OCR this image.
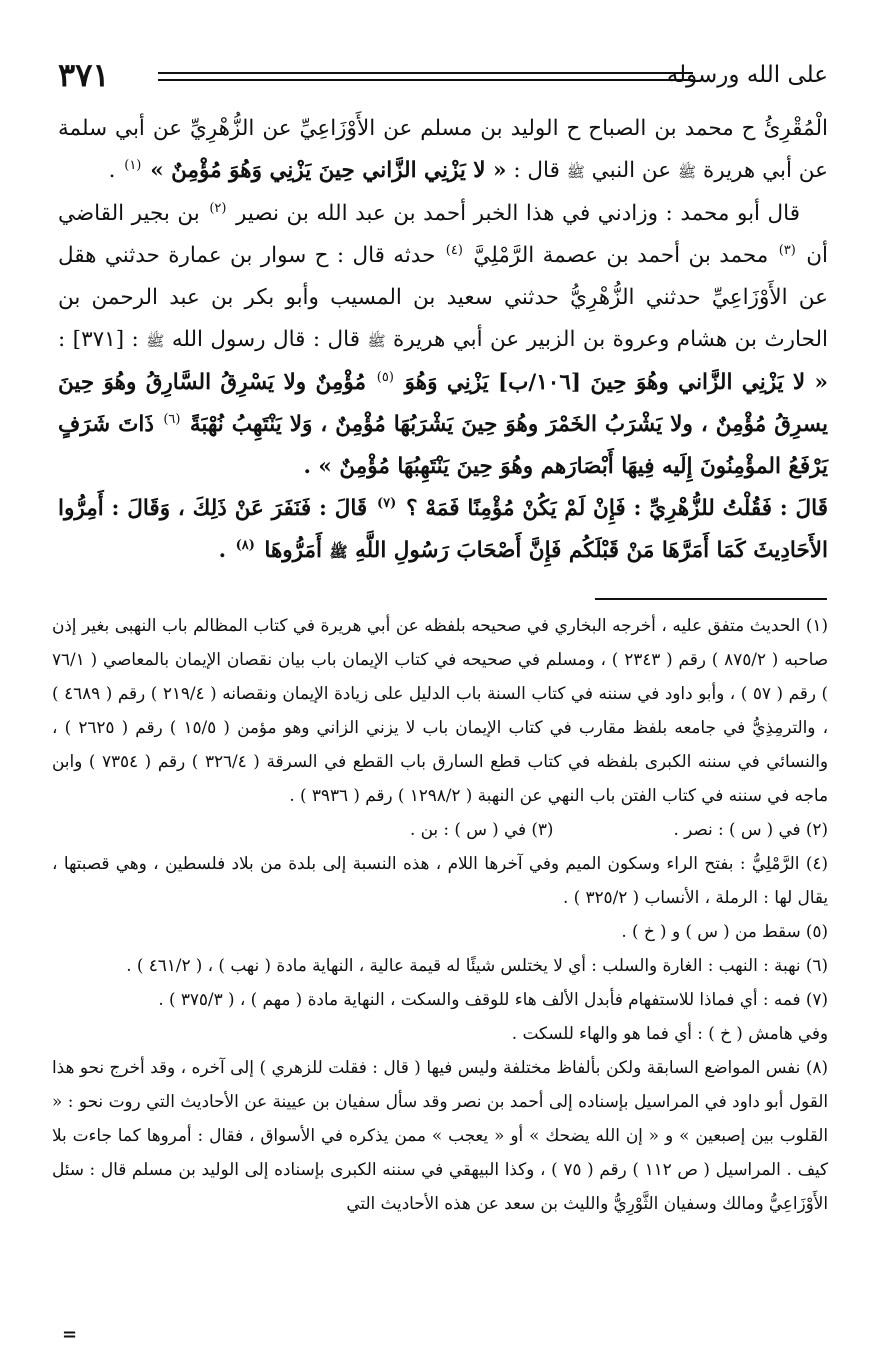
على الله ورسوله
٣٧١

الْمُقْرِئُ ح محمد بن الصباح ح الوليد بن مسلم عن الأَوْزَاعِيِّ عن الزُّهْرِيِّ عن أبي سلمة عن أبي هريرة ﷺ عن النبي ﷺ قال : « لا يَزْنِي الزَّاني حِينَ يَزْنِي وَهُوَ مُؤْمِنٌ » $^{(١)}$ .

قال أبو محمد : وزادني في هذا الخبر أحمد بن عبد الله بن نصير $^{(٢)}$ بن بجير القاضي أن $^{(٣)}$ محمد بن أحمد بن عصمة الرَّمْلِيَّ $^{(٤)}$ حدثه قال : ح سوار بن عمارة حدثني هقل عن الأَوْزَاعِيِّ حدثني الزُّهْرِيُّ حدثني سعيد بن المسيب وأبو بكر بن عبد الرحمن بن الحارث بن هشام وعروة بن الزبير عن أبي هريرة ﷺ قال : قال رسول الله ﷺ : [٣٧١] : « لا يَزْنِي الزَّاني وهُوَ حِينَ [١٠٦/ب] يَزْنِي وَهُوَ $^{(٥)}$ مُؤْمِنٌ ولا يَسْرِقُ السَّارِقُ وهُوَ حِينَ يسرِقُ مُؤْمِنٌ ، ولا يَشْرَبُ الخَمْرَ وهُوَ حِينَ يَشْرَبُهَا مُؤْمِنٌ ، وَلا يَنْتَهِبُ نُهْبَةً $^{(٦)}$ ذَاتَ شَرَفٍ يَرْفَعُ المؤْمِنُونَ إِلَيه فِيهَا أَبْصَارَهم وهُوَ حِينَ يَنْتَهِبُهَا مُؤْمِنٌ » .

قَالَ : فَقُلْتُ للزُّهْرِيِّ : فَإِنْ لَمْ يَكُنْ مُؤْمِنًا فَمَهْ ؟ $^{(٧)}$ قَالَ : فَنَفَرَ عَنْ ذَلِكَ ، وَقَالَ : أَمِرُّوا الأَحَادِيثَ كَمَا أَمَرَّهَا مَنْ قَبْلَكُم فَإِنَّ أَصْحَابَ رَسُولِ اللَّهِ ﷺ أَمَرُّوهَا $^{(٨)}$ .

(١) الحديث متفق عليه ، أخرجه البخاري في صحيحه بلفظه عن أبي هريرة في كتاب المظالم باب النهبى بغير إذن صاحبه ( ٨٧٥/٢ ) رقم ( ٢٣٤٣ ) ، ومسلم في صحيحه في كتاب الإيمان باب بيان نقصان الإيمان بالمعاصي ( ٧٦/١ ) رقم ( ٥٧ ) ، وأبو داود في سننه في كتاب السنة باب الدليل على زيادة الإيمان ونقصانه ( ٢١٩/٤ ) رقم ( ٤٦٨٩ ) ، والترمِذِيُّ في جامعه بلفظ مقارب في كتاب الإيمان باب لا يزني الزاني وهو مؤمن ( ١٥/٥ ) رقم ( ٢٦٢٥ ) ، والنسائي في سننه الكبرى بلفظه في كتاب قطع السارق باب القطع في السرقة ( ٣٢٦/٤ ) رقم ( ٧٣٥٤ ) وابن ماجه في سننه في كتاب الفتن باب النهي عن النهبة ( ١٢٩٨/٢ ) رقم ( ٣٩٣٦ ) .

(٢) في ( س ) : نصر .
(٣) في ( س ) : بن .

(٤) الرَّمْلِيُّ : بفتح الراء وسكون الميم وفي آخرها اللام ، هذه النسبة إلى بلدة من بلاد فلسطين ، وهي قصبتها ، يقال لها : الرملة ، الأنساب ( ٣٢٥/٢ ) .

(٥) سقط من ( س ) و ( خ ) .

(٦) نهبة : النهب : الغارة والسلب : أي لا يختلس شيئًا له قيمة عالية ، النهاية مادة ( نهب ) ، ( ٤٦١/٢ ) .

(٧) فمه : أي فماذا للاستفهام فأبدل الألف هاء للوقف والسكت ، النهاية مادة ( مهم ) ، ( ٣٧٥/٣ ) .

وفي هامش ( خ ) : أي فما هو والهاء للسكت .

(٨) نفس المواضع السابقة ولكن بألفاظ مختلفة وليس فيها ( قال : فقلت للزهري ) إلى آخره ، وقد أخرج نحو هذا القول أبو داود في المراسيل بإسناده إلى أحمد بن نصر وقد سأل سفيان بن عيينة عن الأحاديث التي روت نحو : « القلوب بين إصبعين » و « إن الله يضحك » أو « يعجب » ممن يذكره في الأسواق ، فقال : أمروها كما جاءت بلا كيف . المراسيل ( ص ١١٢ ) رقم ( ٧٥ ) ، وكذا البيهقي في سننه الكبرى بإسناده إلى الوليد بن مسلم قال : سئل الأَوْزَاعِيُّ ومالك وسفيان الثَّوْرِيُّ والليث بن سعد عن هذه الأحاديث التي

=
